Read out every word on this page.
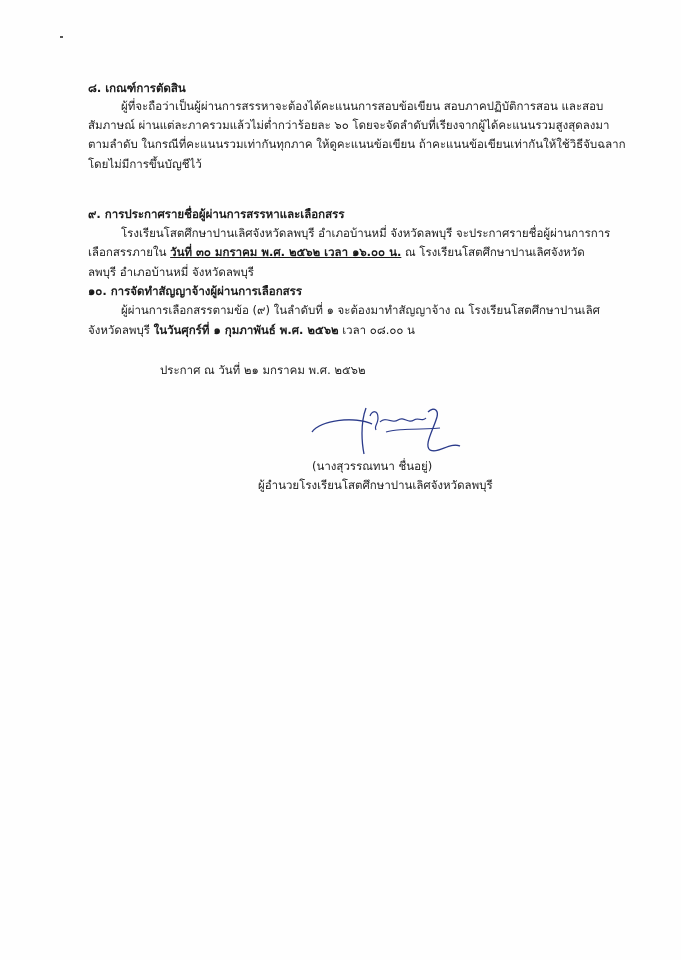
๘. เกณฑ์การตัดสิน
ผู้ที่จะถือว่าเป็นผู้ผ่านการสรรหาจะต้องได้คะแนนการสอบข้อเขียน สอบภาคปฏิบัติการสอน และสอบ
สัมภาษณ์ ผ่านแต่ละภาครวมแล้วไม่ต่ำกว่าร้อยละ ๖๐ โดยจะจัดลำดับที่เรียงจากผู้ได้คะแนนรวมสูงสุดลงมา
ตามลำดับ ในกรณีที่คะแนนรวมเท่ากันทุกภาค ให้ดูคะแนนข้อเขียน ถ้าคะแนนข้อเขียนเท่ากันให้ใช้วิธีจับฉลาก
โดยไม่มีการขึ้นบัญชีไว้
๙. การประกาศรายชื่อผู้ผ่านการสรรหาและเลือกสรร
โรงเรียนโสตศึกษาปานเลิศจังหวัดลพบุรี อำเภอบ้านหมี่ จังหวัดลพบุรี จะประกาศรายชื่อผู้ผ่านการการ
เลือกสรรภายใน วันที่ ๓๐ มกราคม พ.ศ. ๒๕๖๒ เวลา ๑๖.๐๐ น. ณ โรงเรียนโสตศึกษาปานเลิศจังหวัด
ลพบุรี อำเภอบ้านหมี่ จังหวัดลพบุรี
๑๐. การจัดทำสัญญาจ้างผู้ผ่านการเลือกสรร
ผู้ผ่านการเลือกสรรตามข้อ (๙) ในลำดับที่ ๑ จะต้องมาทำสัญญาจ้าง ณ โรงเรียนโสตศึกษาปานเลิศ
จังหวัดลพบุรี ในวันศุกร์ที่ ๑ กุมภาพันธ์ พ.ศ. ๒๕๖๒ เวลา ๐๘.๐๐ น
ประกาศ ณ วันที่ ๒๑ มกราคม พ.ศ. ๒๕๖๒
(นางสุวรรณทนา ชื่นอยู่)
ผู้อำนวยโรงเรียนโสตศึกษาปานเลิศจังหวัดลพบุรี
